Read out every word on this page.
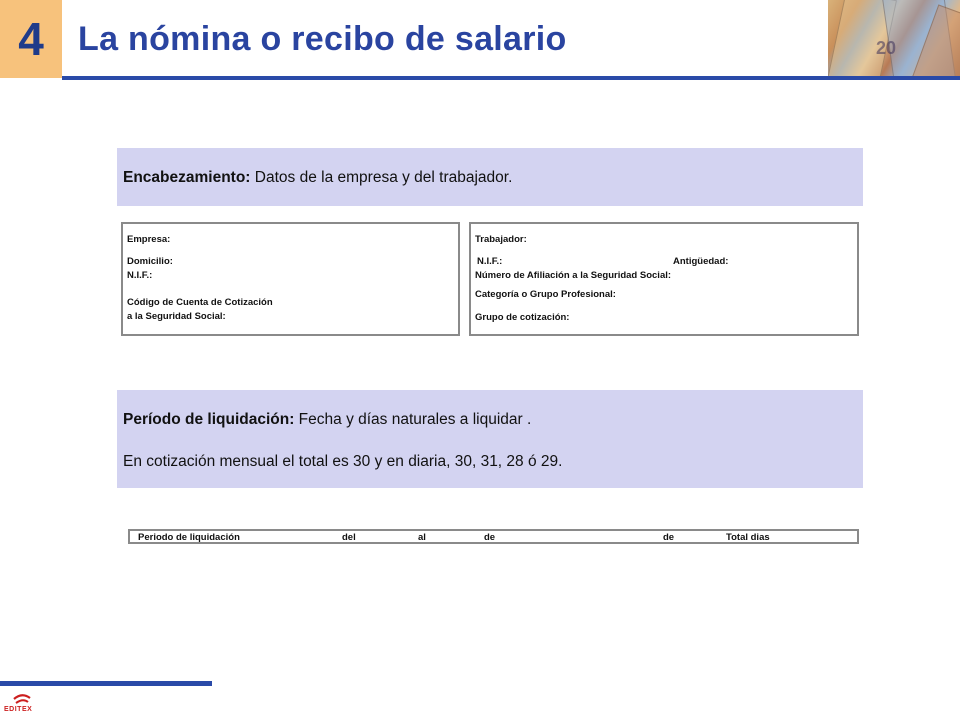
4 La nómina o recibo de salario	20

Encabezamiento: Datos de la empresa y del trabajador.

Empresa:
Domicilio:
N.I.F.:
Código de Cuenta de Cotización
a la Seguridad Social:
Trabajador:
N.I.F.:	Antigüedad:
Número de Afiliación a la Seguridad Social:
Categoría o Grupo Profesional:
Grupo de cotización:

Período de liquidación: Fecha y días naturales a liquidar .

En cotización mensual el total es 30 y en diaria, 30, 31, 28 ó 29.

Periodo de liquidación	del	al	de	de	Total dias
EDITEX
